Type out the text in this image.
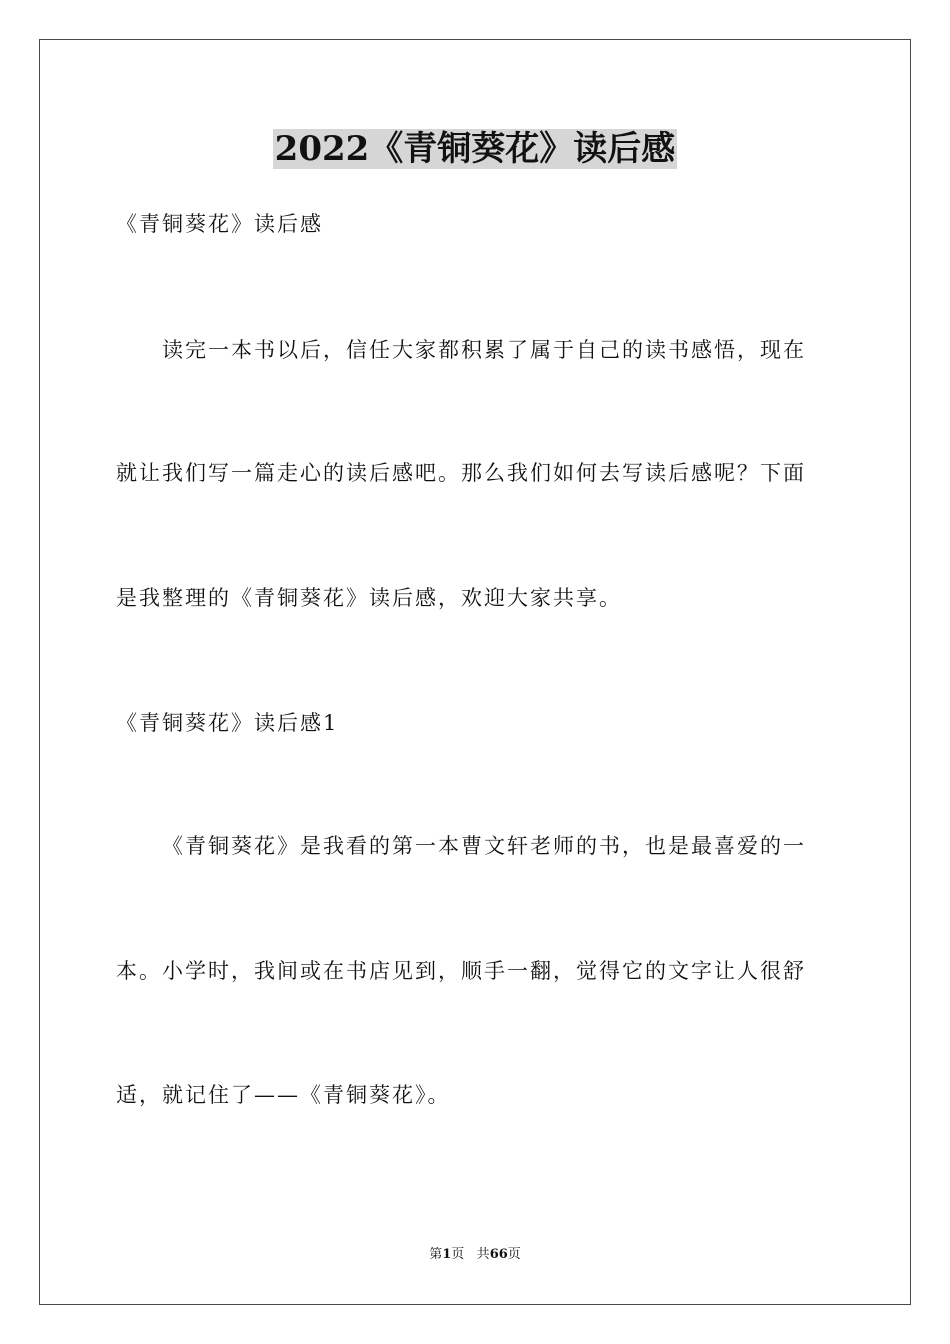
2022《青铜葵花》读后感
《青铜葵花》读后感
读完一本书以后，信任大家都积累了属于自己的读书感悟，现在
就让我们写一篇走心的读后感吧。那么我们如何去写读后感呢？下面
是我整理的《青铜葵花》读后感，欢迎大家共享。
《青铜葵花》读后感1
《青铜葵花》是我看的第一本曹文轩老师的书，也是最喜爱的一
本。小学时，我间或在书店见到，顺手一翻，觉得它的文字让人很舒
适，就记住了——《青铜葵花》。
第1页 共66页
